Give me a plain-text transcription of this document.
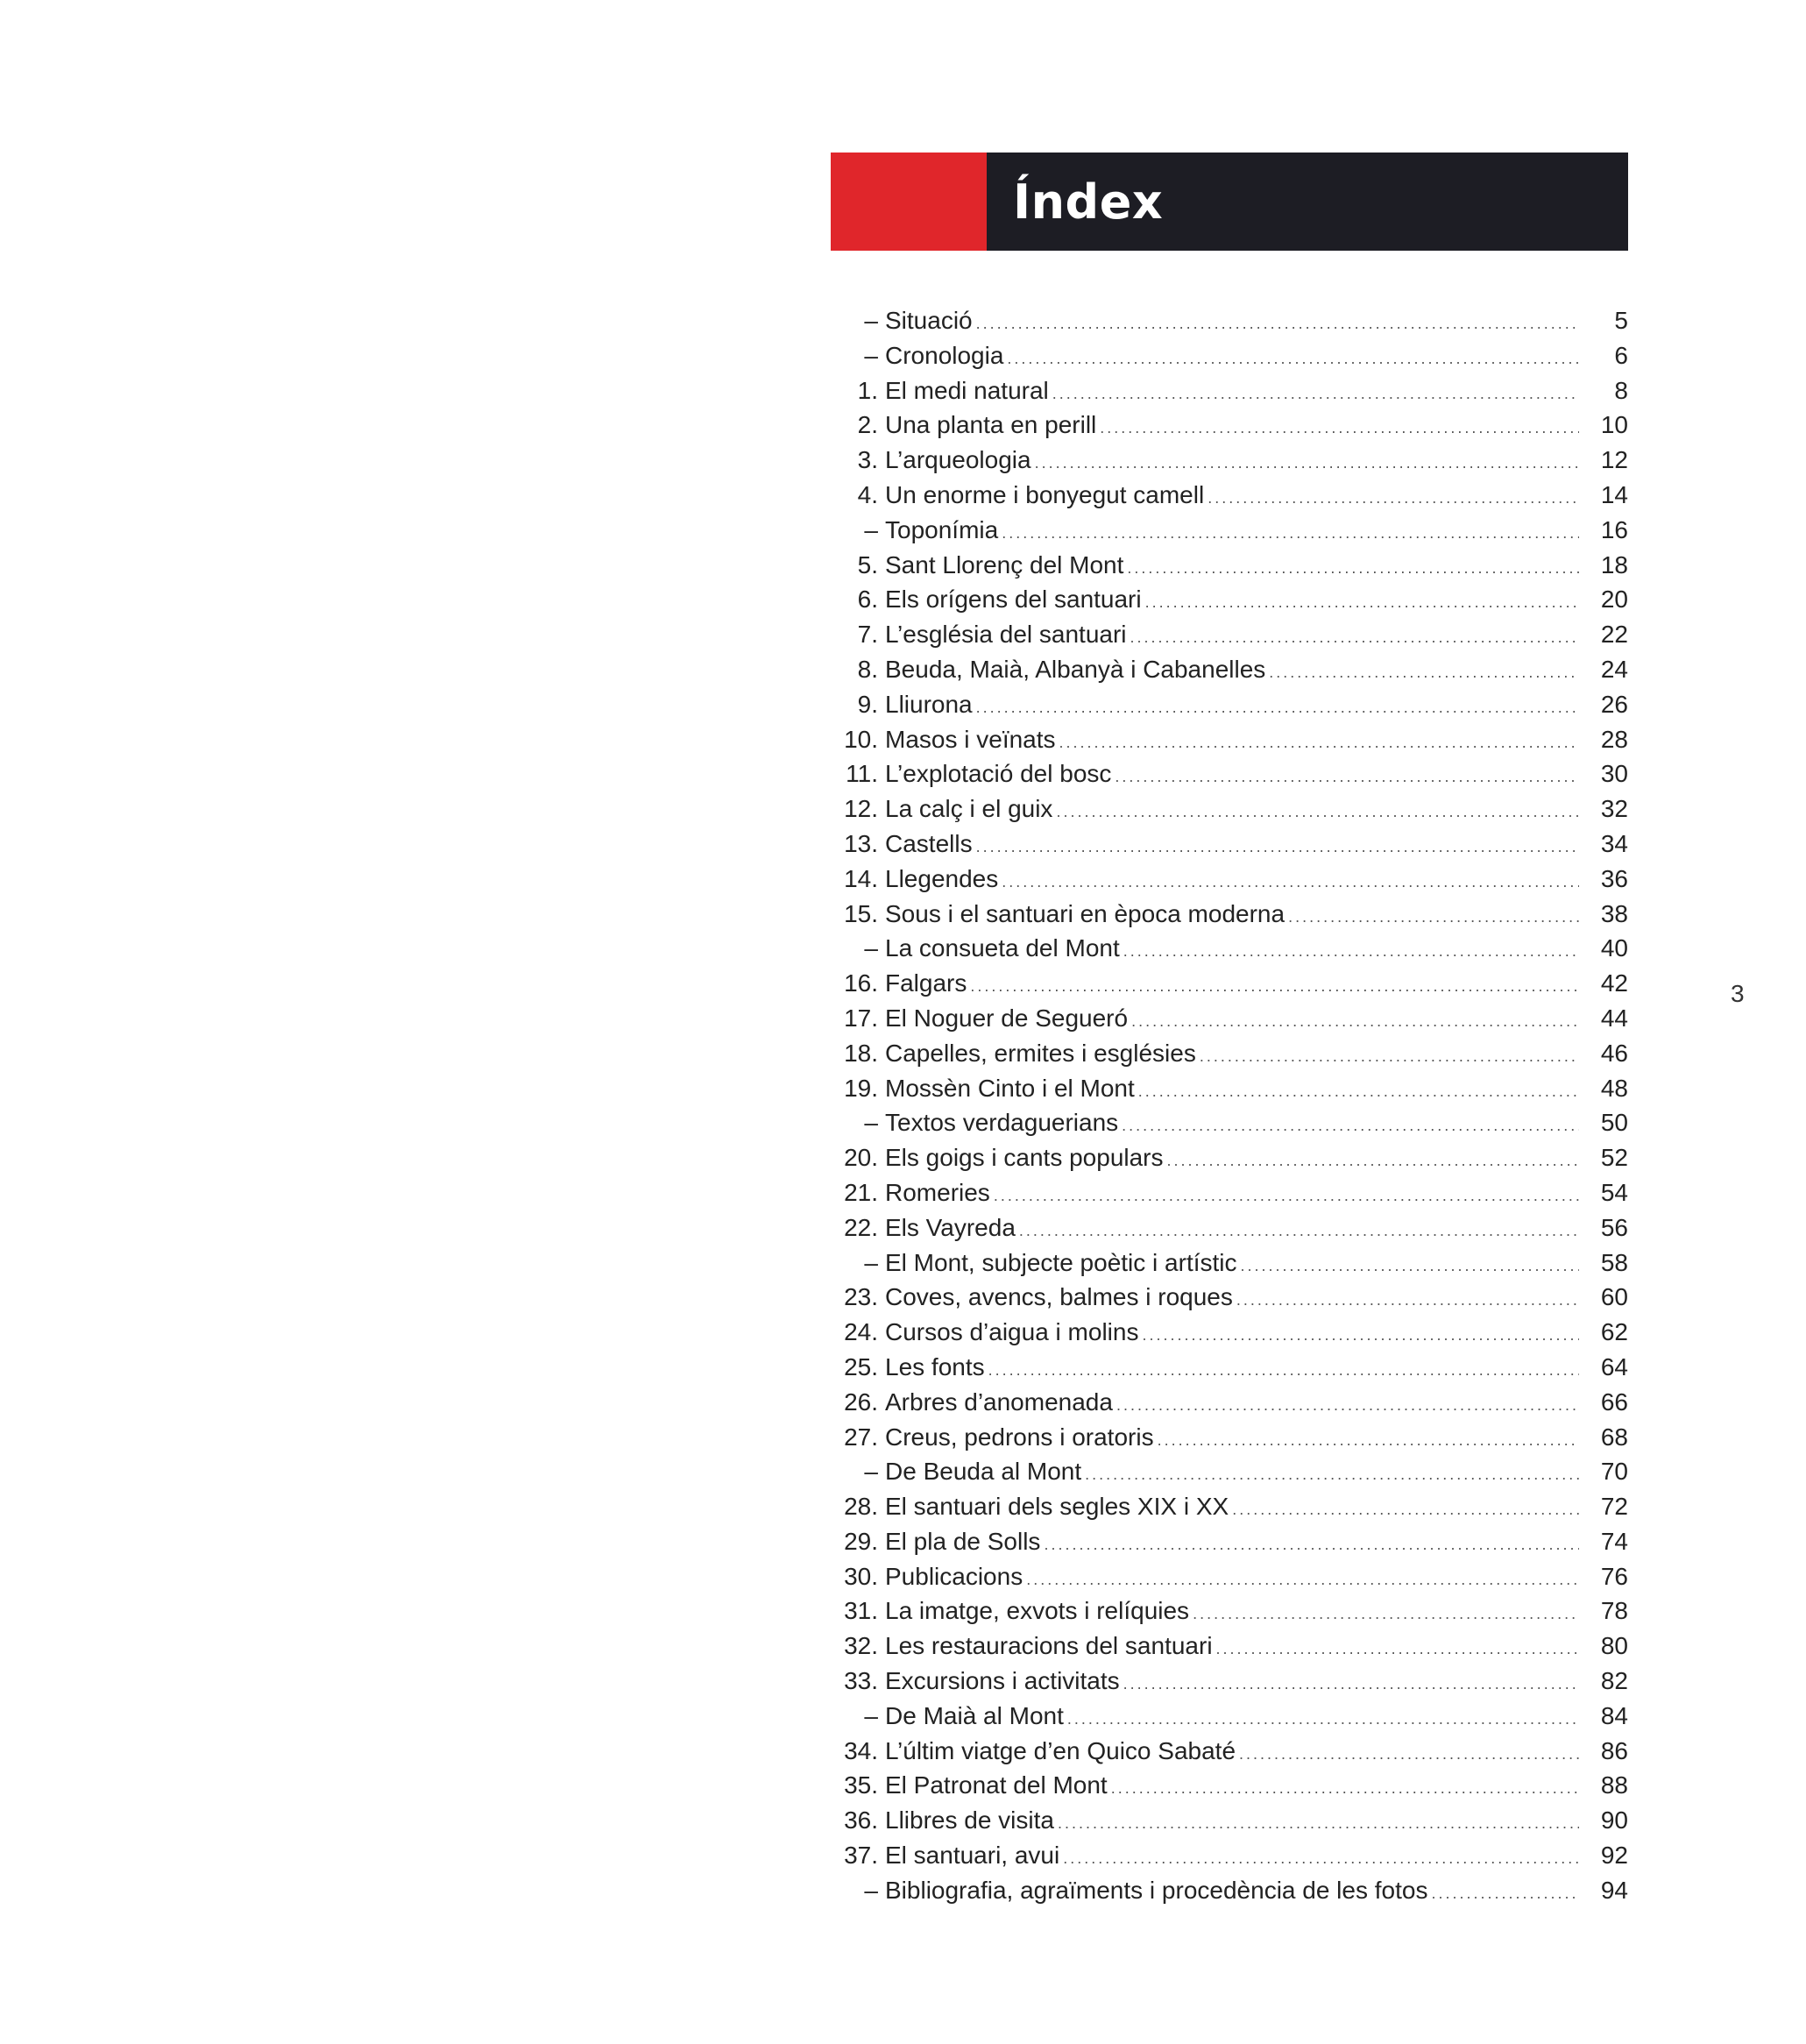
Índex
– Situació .....	5
– Cronologia .....	6
1. El medi natural .....	8
2. Una planta en perill .....	10
3. L’arqueologia .....	12
4. Un enorme i bonyegut camell .....	14
– Toponímia .....	16
5. Sant Llorenç del Mont .....	18
6. Els orígens del santuari .....	20
7. L’església del santuari .....	22
8. Beuda, Maià, Albanyà i Cabanelles .....	24
9. Lliurona .....	26
10. Masos i veïnats .....	28
11. L’explotació del bosc .....	30
12. La calç i el guix .....	32
13. Castells .....	34
14. Llegendes .....	36
15. Sous i el santuari en època moderna .....	38
– La consueta del Mont .....	40
16. Falgars .....	42
17. El Noguer de Segueró .....	44
18. Capelles, ermites i esglésies .....	46
19. Mossèn Cinto i el Mont .....	48
– Textos verdaguerians .....	50
20. Els goigs i cants populars .....	52
21. Romeries .....	54
22. Els Vayreda .....	56
– El Mont, subjecte poètic i artístic .....	58
23. Coves, avencs, balmes i roques .....	60
24. Cursos d’aigua i molins .....	62
25. Les fonts .....	64
26. Arbres d’anomenada .....	66
27. Creus, pedrons i oratoris .....	68
– De Beuda al Mont .....	70
28. El santuari dels segles XIX i XX .....	72
29. El pla de Solls .....	74
30. Publicacions .....	76
31. La imatge, exvots i relíquies .....	78
32. Les restauracions del santuari .....	80
33. Excursions i activitats .....	82
– De Maià al Mont .....	84
34. L’últim viatge d’en Quico Sabaté .....	86
35. El Patronat del Mont .....	88
36. Llibres de visita .....	90
37. El santuari, avui .....	92
– Bibliografia, agraïments i procedència de les fotos .....	94
3
